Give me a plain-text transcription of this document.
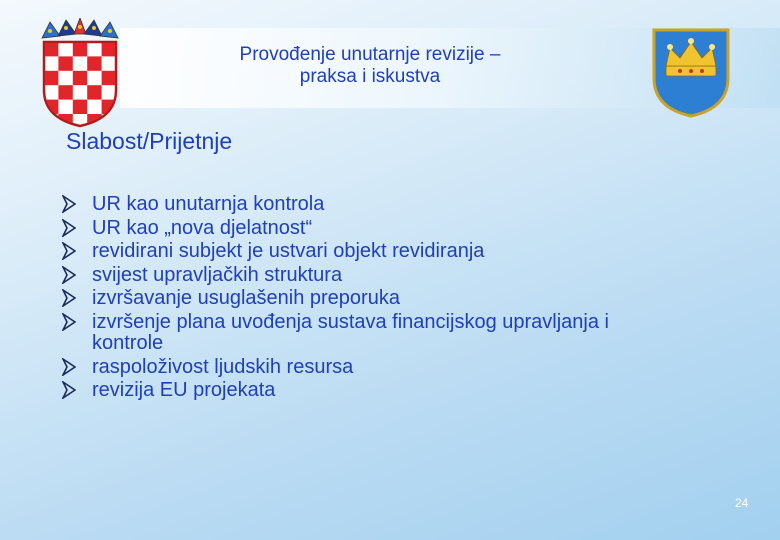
Provođenje unutarnje revizije –
praksa i iskustva
Slabost/Prijetnje
UR kao unutarnja kontrola
UR kao „nova djelatnost“
revidirani subjekt je ustvari objekt revidiranja
svijest upravljačkih struktura
izvršavanje usuglašenih preporuka
izvršenje plana uvođenja sustava financijskog upravljanja i kontrole
raspoloživost ljudskih resursa
revizija EU projekata
24
